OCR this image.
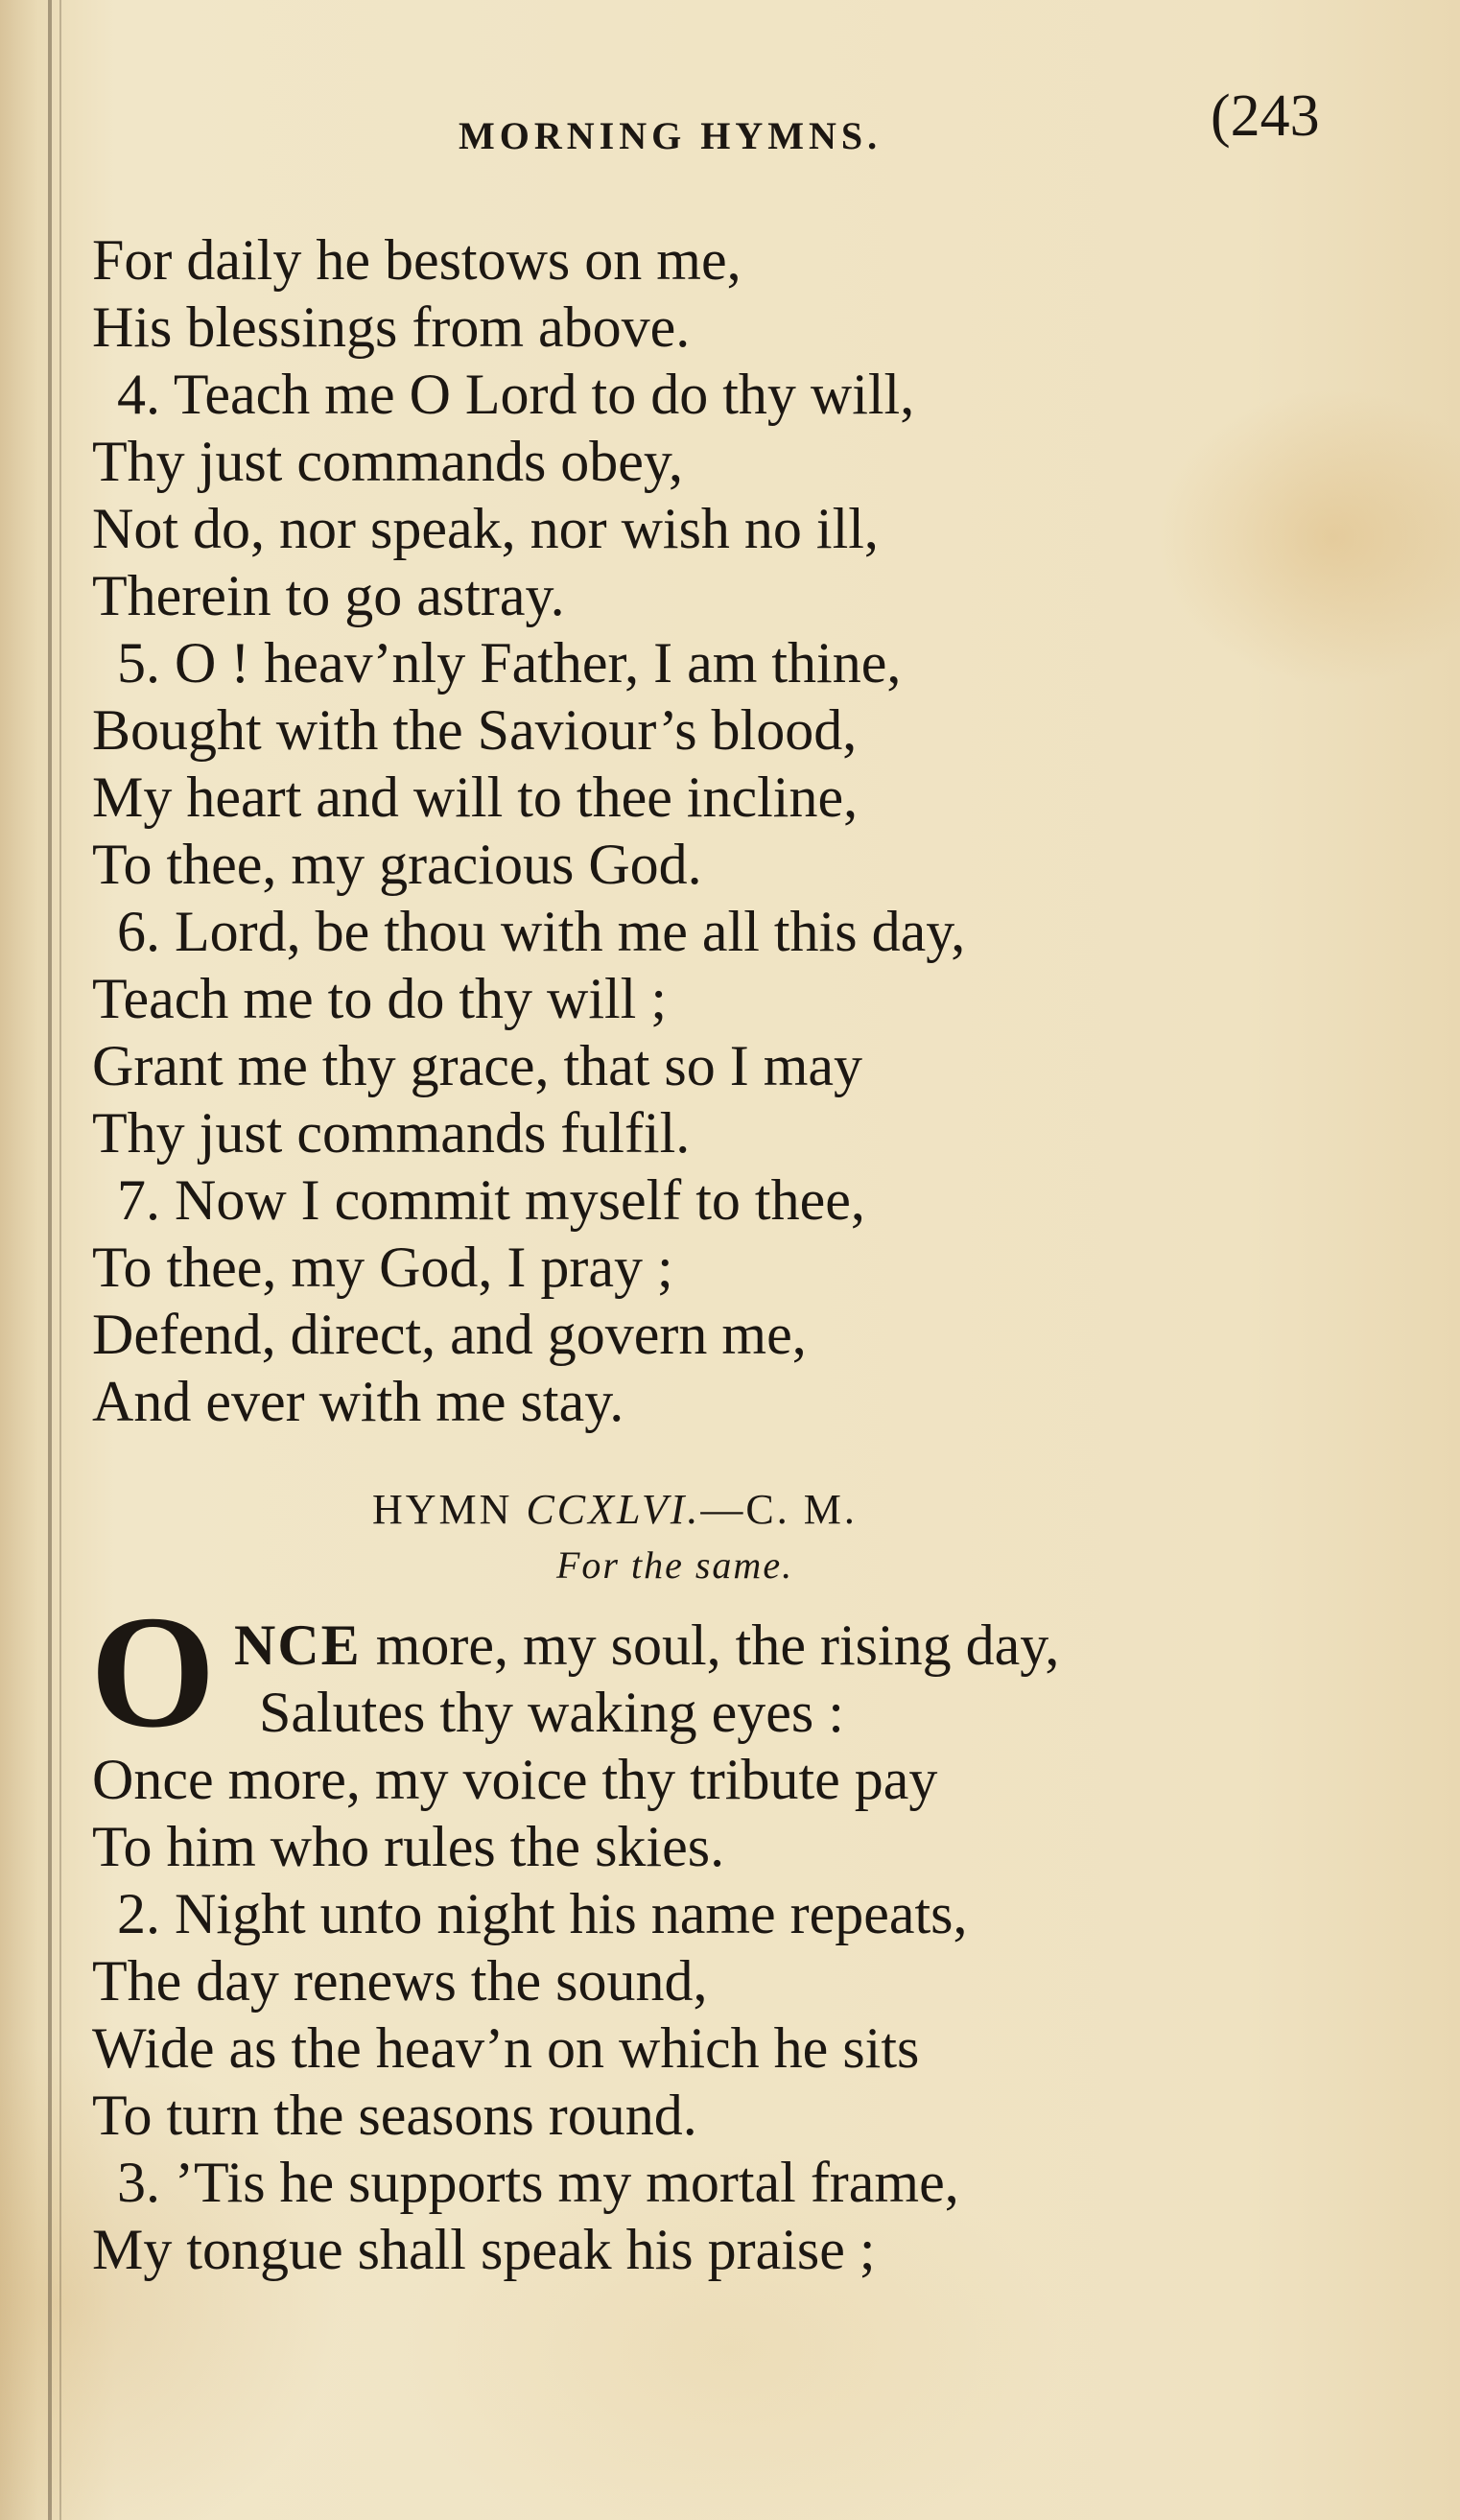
MORNING HYMNS.	(243
For daily he bestows on me,
His blessings from above.
4. Teach me O Lord to do thy will,
Thy just commands obey,
Not do, nor speak, nor wish no ill,
Therein to go astray.
5. O ! heav’nly Father, I am thine,
Bought with the Saviour’s blood,
My heart and will to thee incline,
To thee, my gracious God.
6. Lord, be thou with me all this day,
Teach me to do thy will ;
Grant me thy grace, that so I may
Thy just commands fulfil.
7. Now I commit myself to thee,
To thee, my God, I pray ;
Defend, direct, and govern me,
And ever with me stay.
HYMN CCXLVI.—C. M.
For the same.
O NCE more, my soul, the rising day,
Salutes thy waking eyes :
Once more, my voice thy tribute pay
To him who rules the skies.
2. Night unto night his name repeats,
The day renews the sound,
Wide as the heav’n on which he sits
To turn the seasons round.
3. ’Tis he supports my mortal frame,
My tongue shall speak his praise ;
